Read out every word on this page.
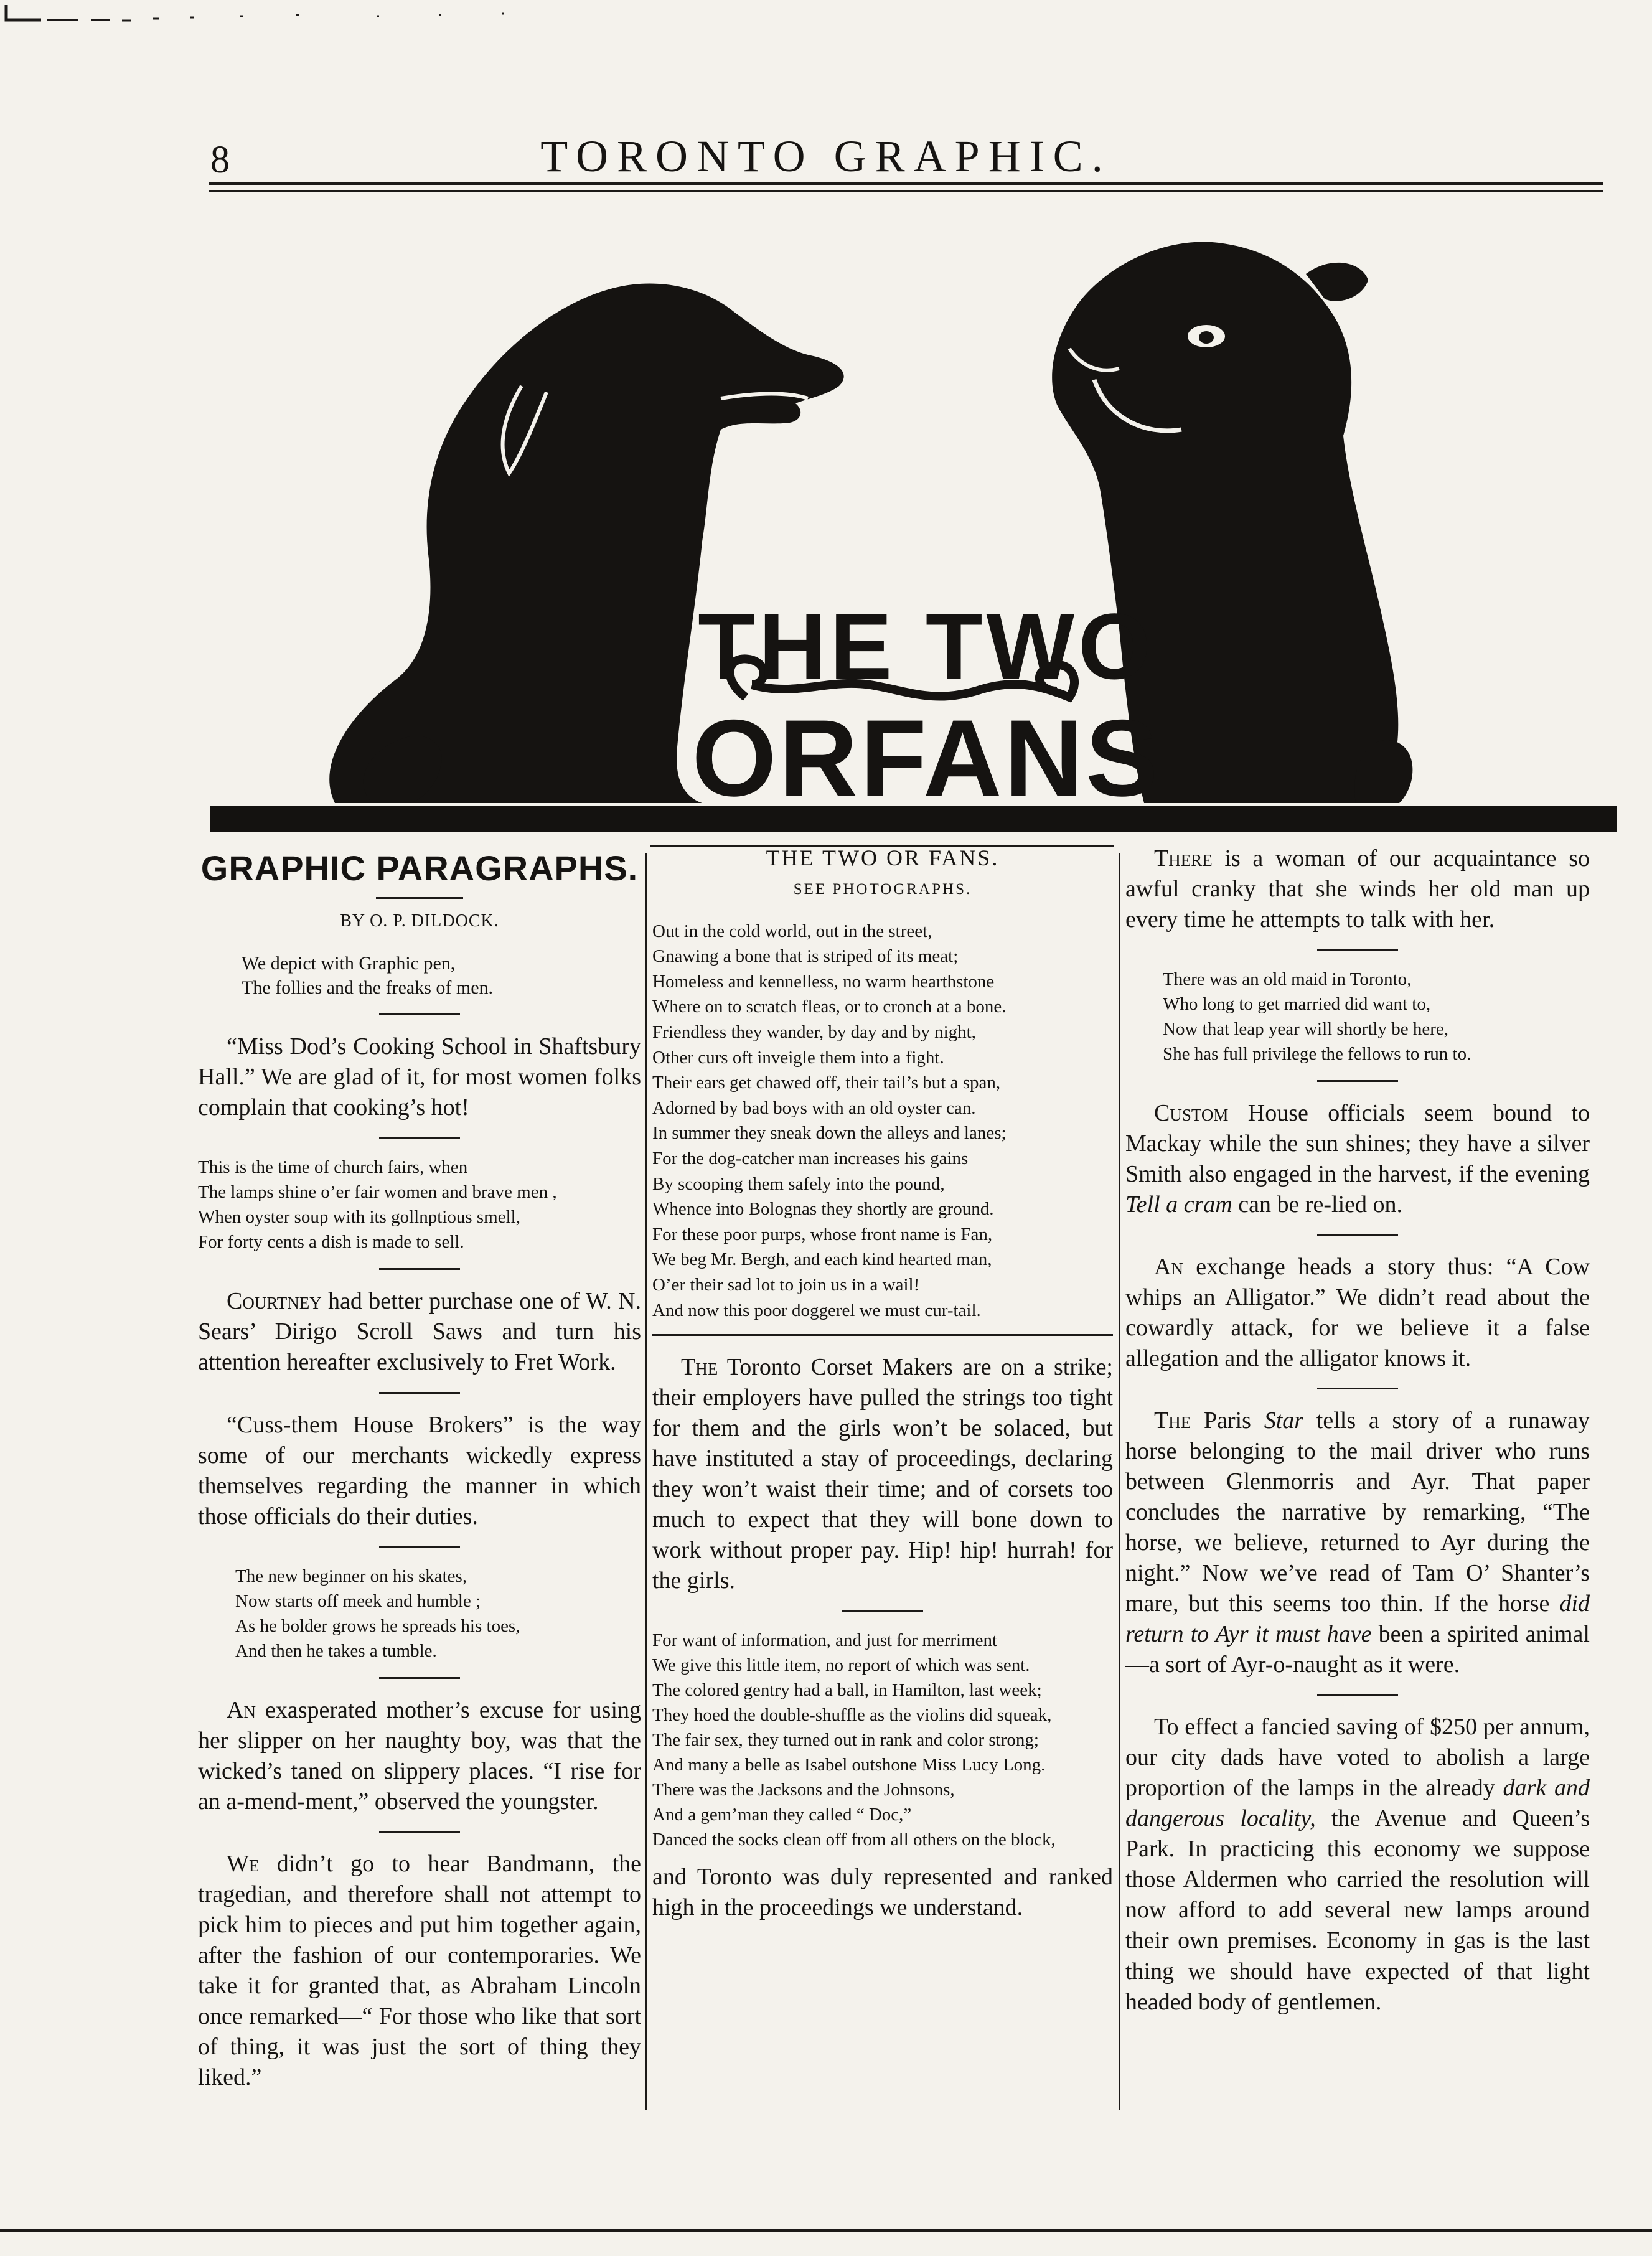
8	TORONTO GRAPHIC.
THE TWO
ORFANS
GRAPHIC PARAGRAPHS.
BY O. P. DILDOCK.
We depict with Graphic pen,
The follies and the freaks of men.

“Miss Dod’s Cooking School in Shaftsbury Hall.” We are glad of it, for most women folks complain that cooking’s hot!

This is the time of church fairs, when
The lamps shine o’er fair women and brave men ,
When oyster soup with its gollnptious smell,
For forty cents a dish is made to sell.

Courtney had better purchase one of W. N. Sears’ Dirigo Scroll Saws and turn his attention hereafter exclusively to Fret Work.

“Cuss-them House Brokers” is the way some of our merchants wickedly express themselves regarding the manner in which those officials do their duties.

The new beginner on his skates,
Now starts off meek and humble ;
As he bolder grows he spreads his toes,
And then he takes a tumble.

An exasperated mother’s excuse for using her slipper on her naughty boy, was that the wicked’s taned on slippery places. “I rise for an a-mend-ment,” observed the youngster.

We didn’t go to hear Bandmann, the tragedian, and therefore shall not attempt to pick him to pieces and put him together again, after the fashion of our contemporaries. We take it for granted that, as Abraham Lincoln once remarked—“ For those who like that sort of thing, it was just the sort of thing they liked.”

THE TWO OR FANS.
SEE PHOTOGRAPHS.
Out in the cold world, out in the street,
Gnawing a bone that is striped of its meat;
Homeless and kennelless, no warm hearthstone
Where on to scratch fleas, or to cronch at a bone.
Friendless they wander, by day and by night,
Other curs oft inveigle them into a fight.
Their ears get chawed off, their tail’s but a span,
Adorned by bad boys with an old oyster can.
In summer they sneak down the alleys and lanes;
For the dog-catcher man increases his gains
By scooping them safely into the pound,
Whence into Bolognas they shortly are ground.
For these poor purps, whose front name is Fan,
We beg Mr. Bergh, and each kind hearted man,
O’er their sad lot to join us in a wail!
And now this poor doggerel we must cur-tail.

The Toronto Corset Makers are on a strike; their employers have pulled the strings too tight for them and the girls won’t be solaced, but have instituted a stay of proceedings, declaring they won’t waist their time; and of corsets too much to expect that they will bone down to work without proper pay. Hip! hip! hurrah! for the girls.

For want of information, and just for merriment
We give this little item, no report of which was sent.
The colored gentry had a ball, in Hamilton, last week;
They hoed the double-shuffle as the violins did squeak,
The fair sex, they turned out in rank and color strong;
And many a belle as Isabel outshone Miss Lucy Long.
There was the Jacksons and the Johnsons,
And a gem’man they called “ Doc,”
Danced the socks clean off from all others on the block,

and Toronto was duly represented and ranked high in the proceedings we understand.

There is a woman of our acquaintance so awful cranky that she winds her old man up every time he attempts to talk with her.

There was an old maid in Toronto,
Who long to get married did want to,
Now that leap year will shortly be here,
She has full privilege the fellows to run to.

Custom House officials seem bound to Mackay while the sun shines; they have a silver Smith also engaged in the harvest, if the evening Tell a cram can be re-lied on.

An exchange heads a story thus: “A Cow whips an Alligator.” We didn’t read about the cowardly attack, for we believe it a false allegation and the alligator knows it.

The Paris Star tells a story of a runaway horse belonging to the mail driver who runs between Glenmorris and Ayr. That paper concludes the narrative by remarking, “The horse, we believe, returned to Ayr during the night.” Now we’ve read of Tam O’ Shanter’s mare, but this seems too thin. If the horse did return to Ayr it must have been a spirited animal—a sort of Ayr-o-naught as it were.

To effect a fancied saving of $250 per annum, our city dads have voted to abolish a large proportion of the lamps in the already dark and dangerous locality, the Avenue and Queen’s Park. In practicing this economy we suppose those Aldermen who carried the resolution will now afford to add several new lamps around their own premises. Economy in gas is the last thing we should have expected of that light headed body of gentlemen.
